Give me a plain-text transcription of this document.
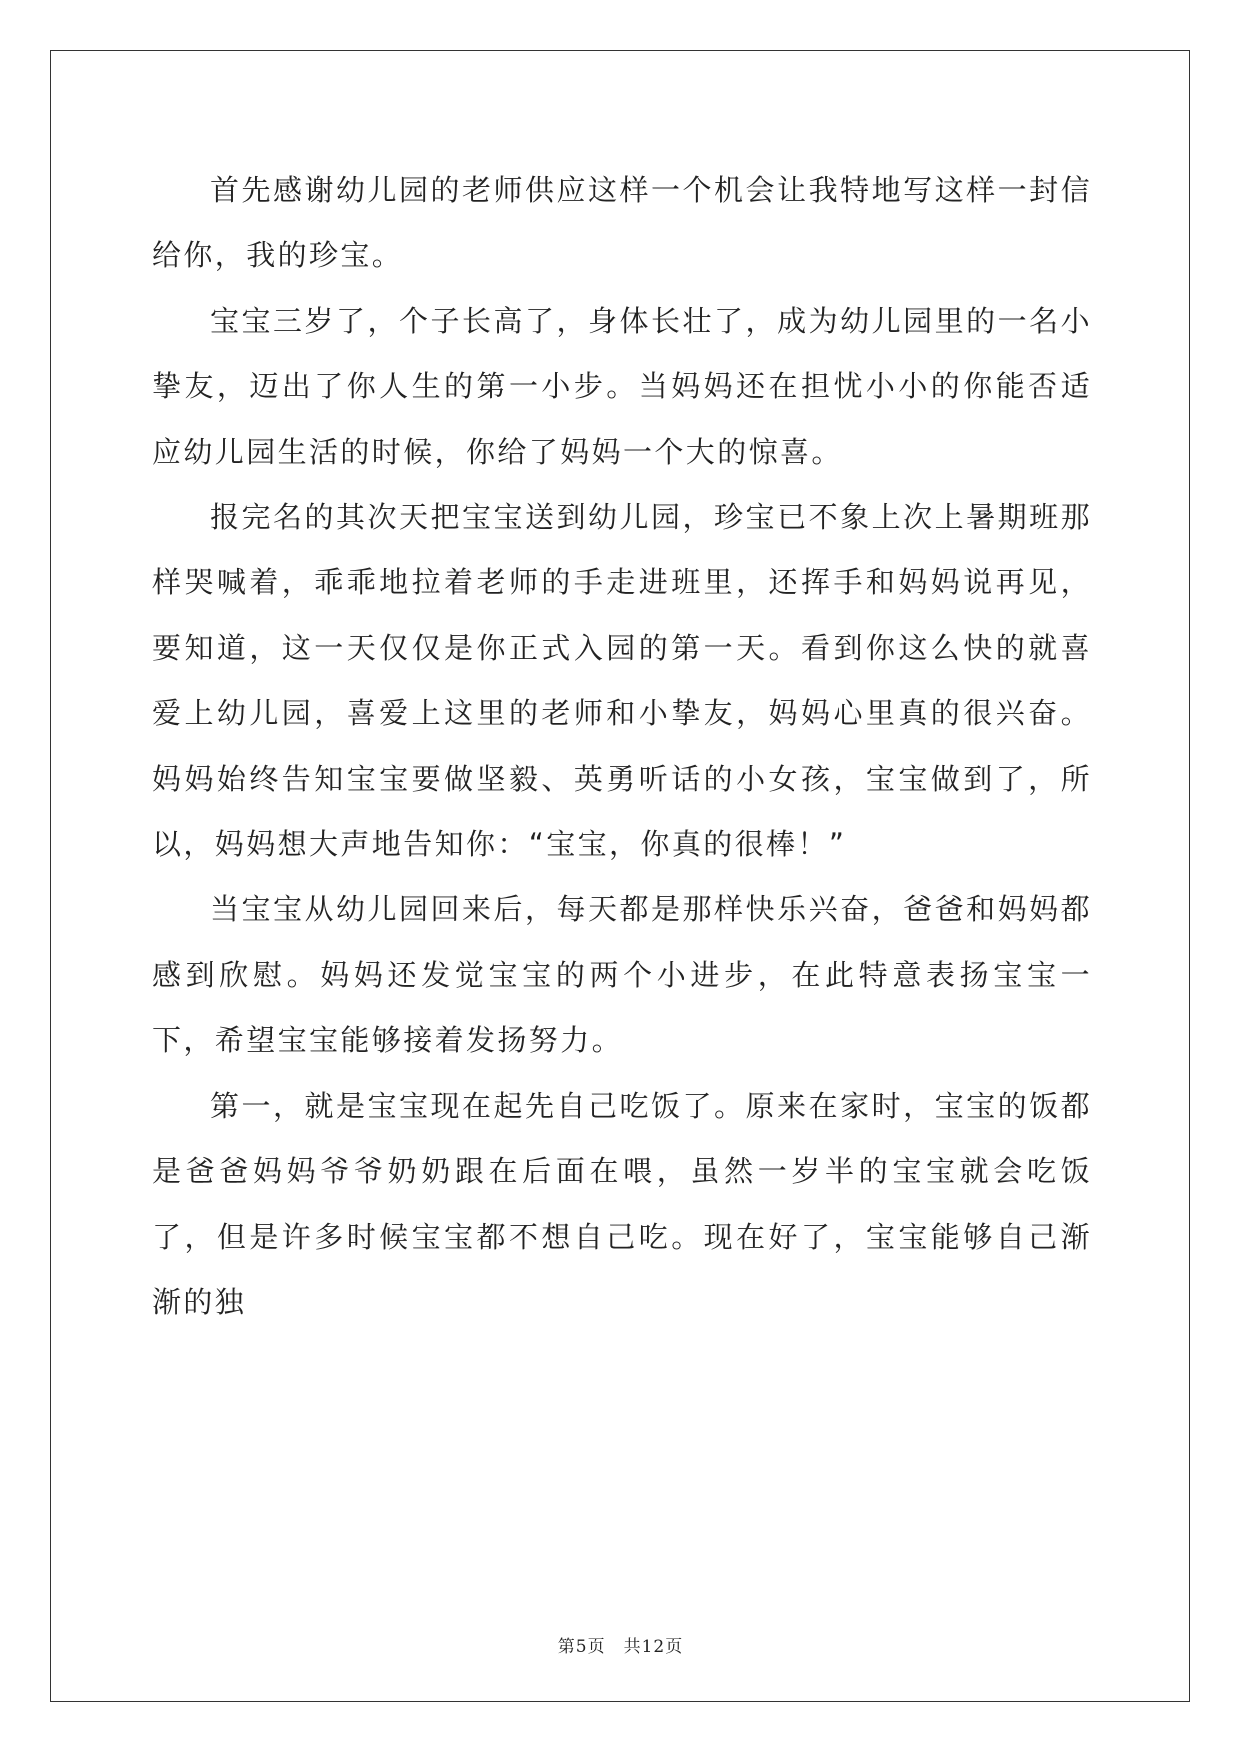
首先感谢幼儿园的老师供应这样一个机会让我特地写这样一封信给你，我的珍宝。

宝宝三岁了，个子长高了，身体长壮了，成为幼儿园里的一名小挚友，迈出了你人生的第一小步。当妈妈还在担忧小小的你能否适应幼儿园生活的时候，你给了妈妈一个大的惊喜。

报完名的其次天把宝宝送到幼儿园，珍宝已不象上次上暑期班那样哭喊着，乖乖地拉着老师的手走进班里，还挥手和妈妈说再见，要知道，这一天仅仅是你正式入园的第一天。看到你这么快的就喜爱上幼儿园，喜爱上这里的老师和小挚友，妈妈心里真的很兴奋。妈妈始终告知宝宝要做坚毅、英勇听话的小女孩，宝宝做到了，所以，妈妈想大声地告知你：“宝宝，你真的很棒！”

当宝宝从幼儿园回来后，每天都是那样快乐兴奋，爸爸和妈妈都感到欣慰。妈妈还发觉宝宝的两个小进步，在此特意表扬宝宝一下，希望宝宝能够接着发扬努力。

第一，就是宝宝现在起先自己吃饭了。原来在家时，宝宝的饭都是爸爸妈妈爷爷奶奶跟在后面在喂，虽然一岁半的宝宝就会吃饭了，但是许多时候宝宝都不想自己吃。现在好了，宝宝能够自己渐渐的独

第5页 共12页
